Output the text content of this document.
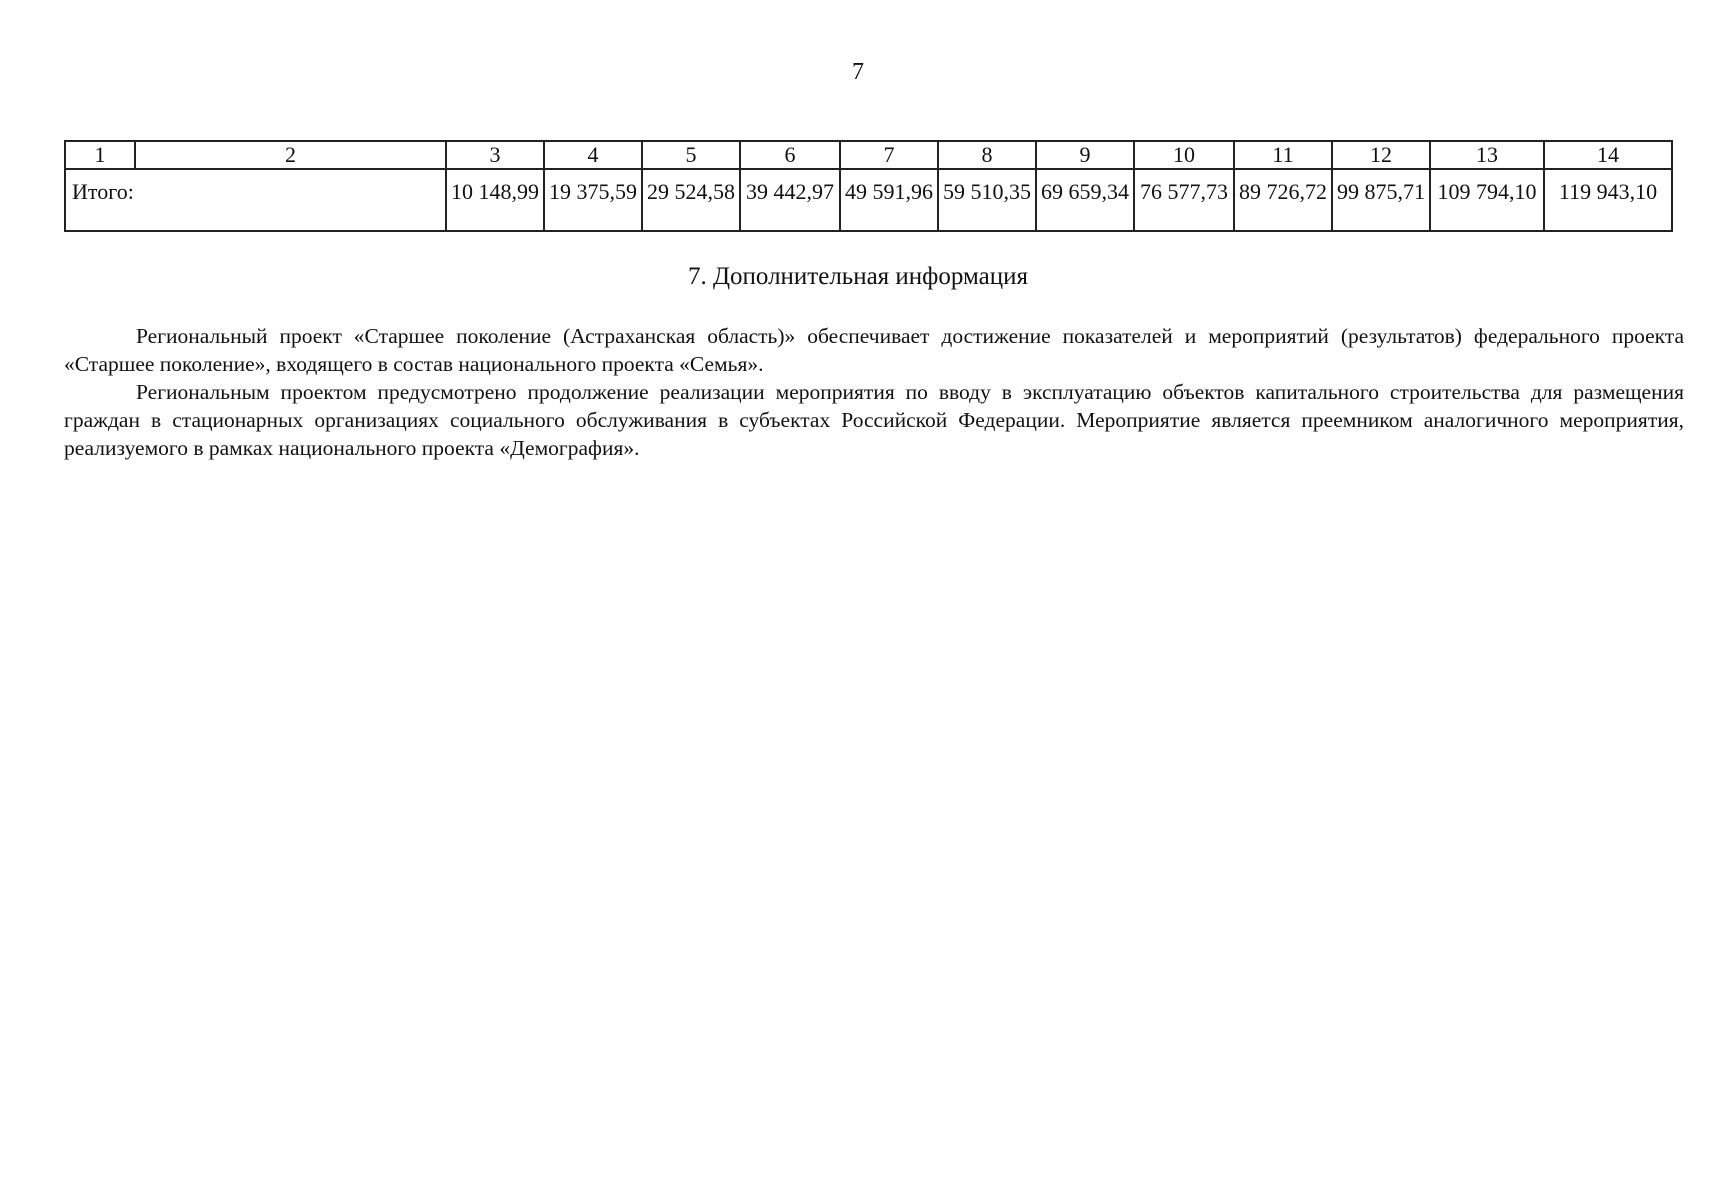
7
1	2	3	4	5	6	7	8	9	10	11	12	13	14
Итого:		10 148,99	19 375,59	29 524,58	39 442,97	49 591,96	59 510,35	69 659,34	76 577,73	89 726,72	99 875,71	109 794,10	119 943,10
7. Дополнительная информация

Региональный проект «Старшее поколение (Астраханская область)» обеспечивает достижение показателей и мероприятий (результатов) федерального проекта «Старшее поколение», входящего в состав национального проекта «Семья».

Региональным проектом предусмотрено продолжение реализации мероприятия по вводу в эксплуатацию объектов капитального строительства для размещения граждан в стационарных организациях социального обслуживания в субъектах Российской Федерации. Мероприятие является преемником аналогичного мероприятия, реализуемого в рамках национального проекта «Демография».
